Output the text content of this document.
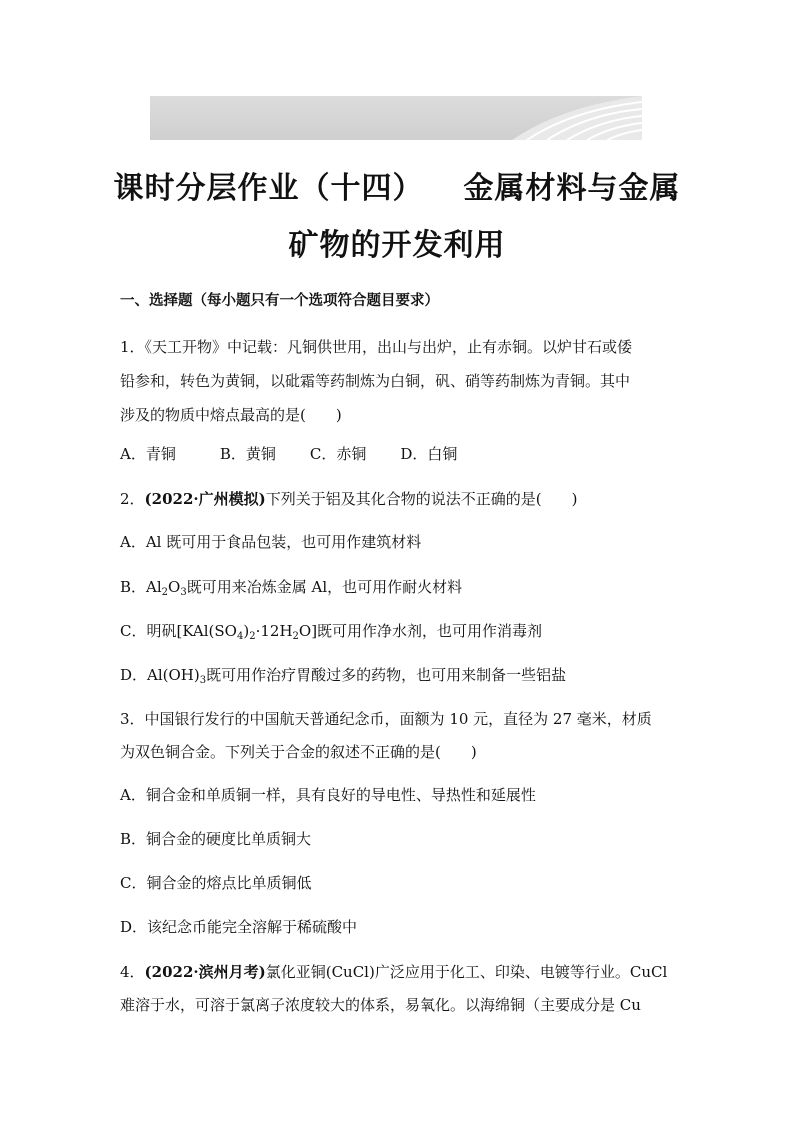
课时分层作业（十四） 金属材料与金属
矿物的开发利用
一、选择题（每小题只有一个选项符合题目要求）
1．《天工开物》中记载：凡铜供世用，出山与出炉，止有赤铜。以炉甘石或倭
铅参和，转色为黄铜，以砒霜等药制炼为白铜，矾、硝等药制炼为青铜。其中
涉及的物质中熔点最高的是(　　)
A．青铜	B．黄铜 C．赤铜 D．白铜
2．(2022·广州模拟)下列关于铝及其化合物的说法不正确的是(　　)
A．Al 既可用于食品包装，也可用作建筑材料
B．$Al_2O_3$既可用来冶炼金属 Al，也可用作耐火材料
C．明矾$[KAl(SO_4)_2\cdot 12H_2O]$既可用作净水剂，也可用作消毒剂
D．$Al(OH)_3$既可用作治疗胃酸过多的药物，也可用来制备一些铝盐
3．中国银行发行的中国航天普通纪念币，面额为 10 元，直径为 27 毫米，材质
为双色铜合金。下列关于合金的叙述不正确的是(　　)
A．铜合金和单质铜一样，具有良好的导电性、导热性和延展性
B．铜合金的硬度比单质铜大
C．铜合金的熔点比单质铜低
D．该纪念币能完全溶解于稀硫酸中
4．(2022·滨州月考)氯化亚铜(CuCl)广泛应用于化工、印染、电镀等行业。CuCl
难溶于水，可溶于氯离子浓度较大的体系，易氧化。以海绵铜（主要成分是 Cu
